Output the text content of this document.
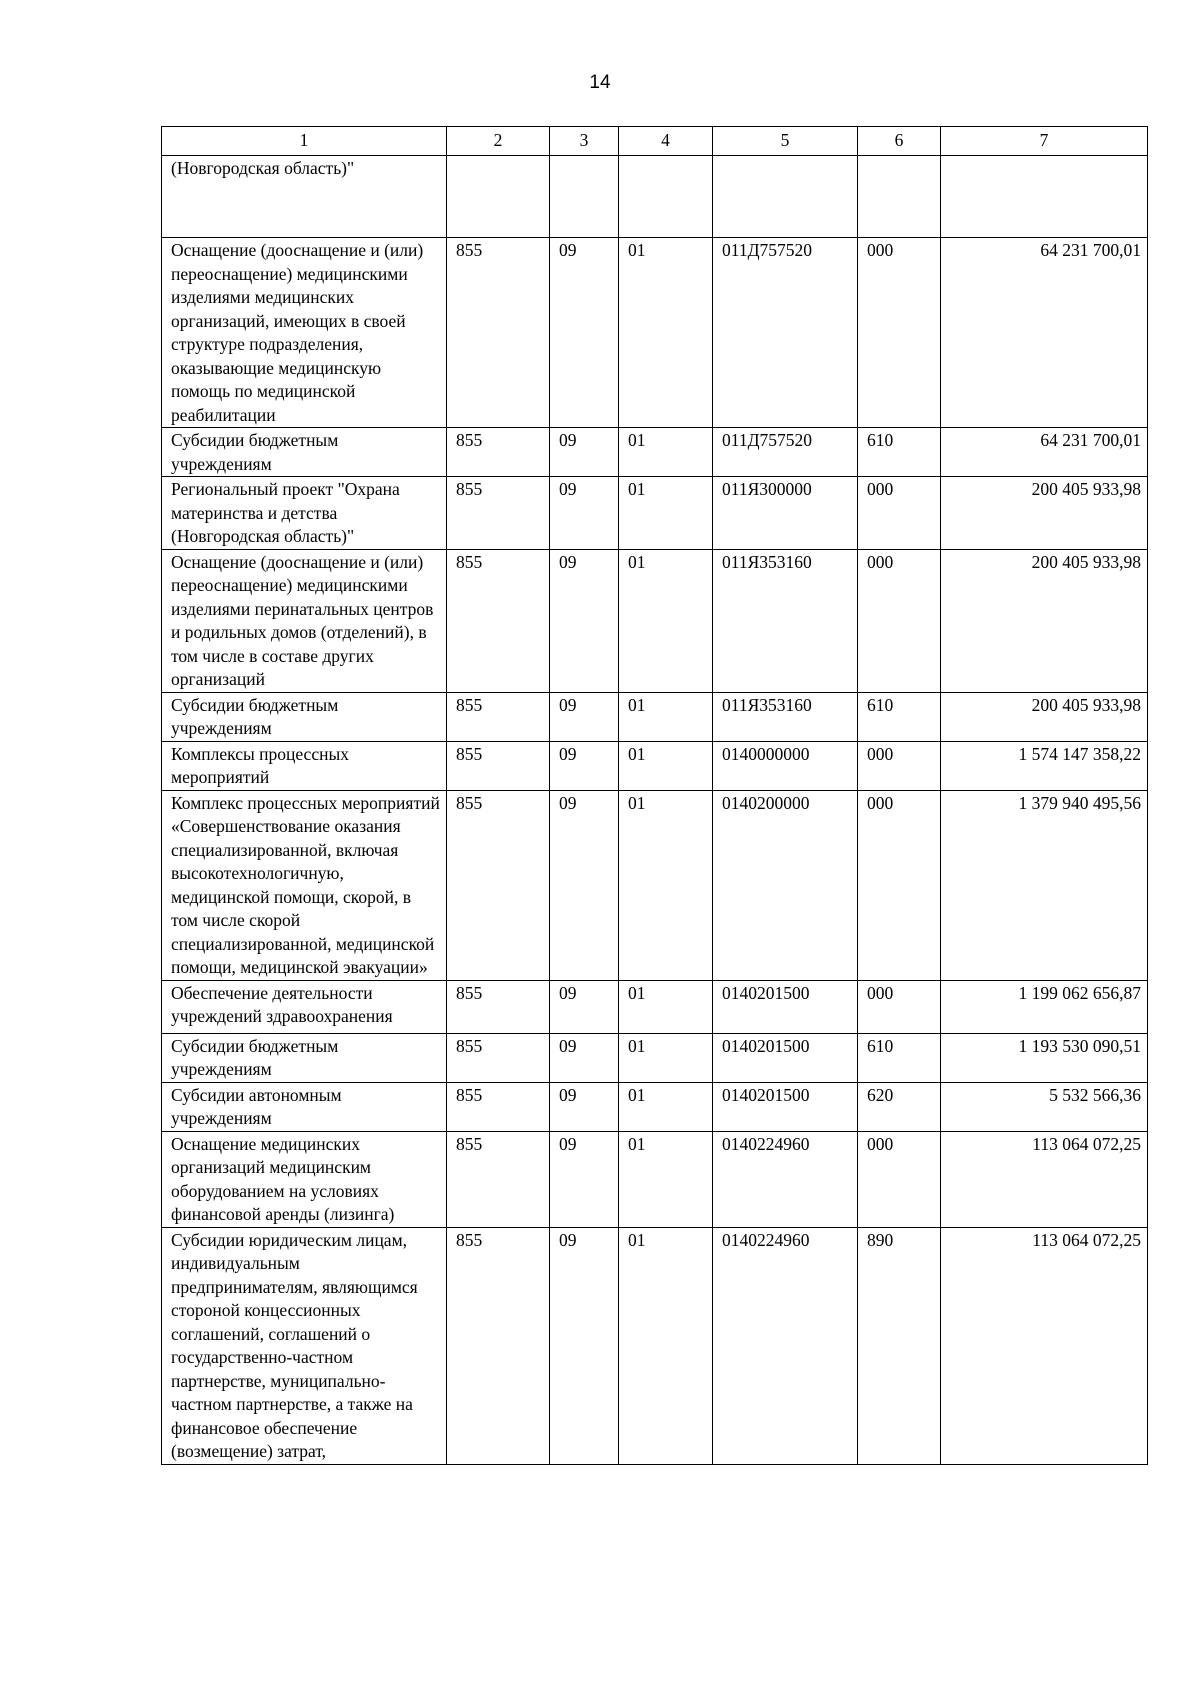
14
1	2	3	4	5	6	7
(Новгородская область)"						
Оснащение (дооснащение и (или) переоснащение) медицинскими изделиями медицинских организаций, имеющих в своей структуре подразделения, оказывающие медицинскую помощь по медицинской реабилитации	855	09	01	011Д757520	000	64 231 700,01
Субсидии бюджетным учреждениям	855	09	01	011Д757520	610	64 231 700,01
Региональный проект "Охрана материнства и детства (Новгородская область)"	855	09	01	011Я300000	000	200 405 933,98
Оснащение (дооснащение и (или) переоснащение) медицинскими изделиями перинатальных центров и родильных домов (отделений), в том числе в составе других организаций	855	09	01	011Я353160	000	200 405 933,98
Субсидии бюджетным учреждениям	855	09	01	011Я353160	610	200 405 933,98
Комплексы процессных мероприятий	855	09	01	0140000000	000	1 574 147 358,22
Комплекс процессных мероприятий «Совершенствование оказания специализированной, включая высокотехнологичную, медицинской помощи, скорой, в том числе скорой специализированной, медицинской помощи, медицинской эвакуации»	855	09	01	0140200000	000	1 379 940 495,56
Обеспечение деятельности учреждений здравоохранения	855	09	01	0140201500	000	1 199 062 656,87
Субсидии бюджетным учреждениям	855	09	01	0140201500	610	1 193 530 090,51
Субсидии автономным учреждениям	855	09	01	0140201500	620	5 532 566,36
Оснащение медицинских организаций медицинским оборудованием на условиях финансовой аренды (лизинга)	855	09	01	0140224960	000	113 064 072,25
Субсидии юридическим лицам, индивидуальным предпринимателям, являющимся стороной концессионных соглашений, соглашений о государственно-частном партнерстве, муниципально-частном партнерстве, а также на финансовое обеспечение (возмещение) затрат,	855	09	01	0140224960	890	113 064 072,25
